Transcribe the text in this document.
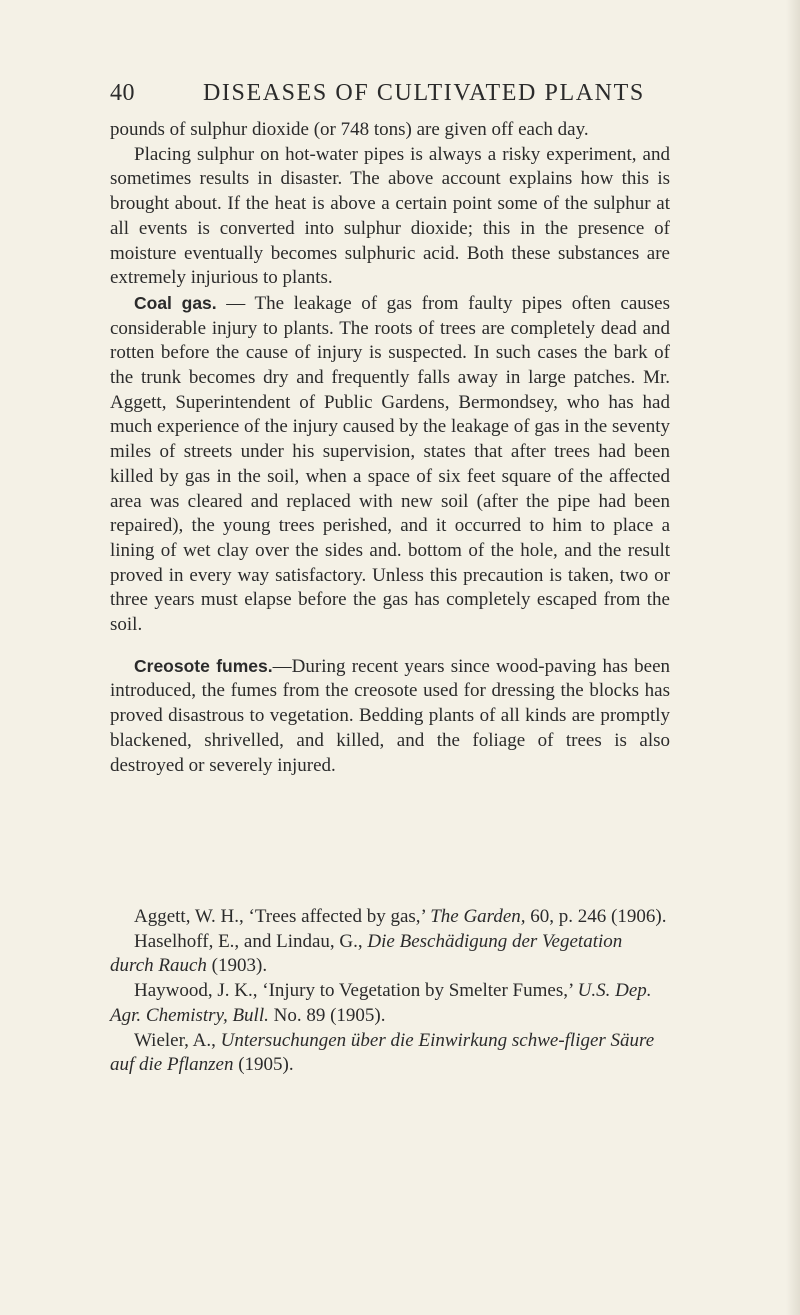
40	DISEASES OF CULTIVATED PLANTS

pounds of sulphur dioxide (or 748 tons) are given off each day.

Placing sulphur on hot-water pipes is always a risky experiment, and sometimes results in disaster. The above account explains how this is brought about. If the heat is above a certain point some of the sulphur at all events is converted into sulphur dioxide; this in the presence of moisture eventually becomes sulphuric acid. Both these substances are extremely injurious to plants.

Coal gas. — The leakage of gas from faulty pipes often causes considerable injury to plants. The roots of trees are completely dead and rotten before the cause of injury is suspected. In such cases the bark of the trunk becomes dry and frequently falls away in large patches. Mr. Aggett, Superintendent of Public Gardens, Bermondsey, who has had much experience of the injury caused by the leakage of gas in the seventy miles of streets under his supervision, states that after trees had been killed by gas in the soil, when a space of six feet square of the affected area was cleared and replaced with new soil (after the pipe had been repaired), the young trees perished, and it occurred to him to place a lining of wet clay over the sides and. bottom of the hole, and the result proved in every way satisfactory. Unless this precaution is taken, two or three years must elapse before the gas has completely escaped from the soil.

Creosote fumes.—During recent years since wood-paving has been introduced, the fumes from the creosote used for dressing the blocks has proved disastrous to vegetation. Bedding plants of all kinds are promptly blackened, shrivelled, and killed, and the foliage of trees is also destroyed or severely injured.

Aggett, W. H., ‘Trees affected by gas,’ The Garden, 60, p. 246 (1906).

Haselhoff, E., and Lindau, G., Die Beschädigung der Vegetation durch Rauch (1903).

Haywood, J. K., ‘Injury to Vegetation by Smelter Fumes,’ U.S. Dep. Agr. Chemistry, Bull. No. 89 (1905).

Wieler, A., Untersuchungen über die Einwirkung schwe-fliger Säure auf die Pflanzen (1905).
